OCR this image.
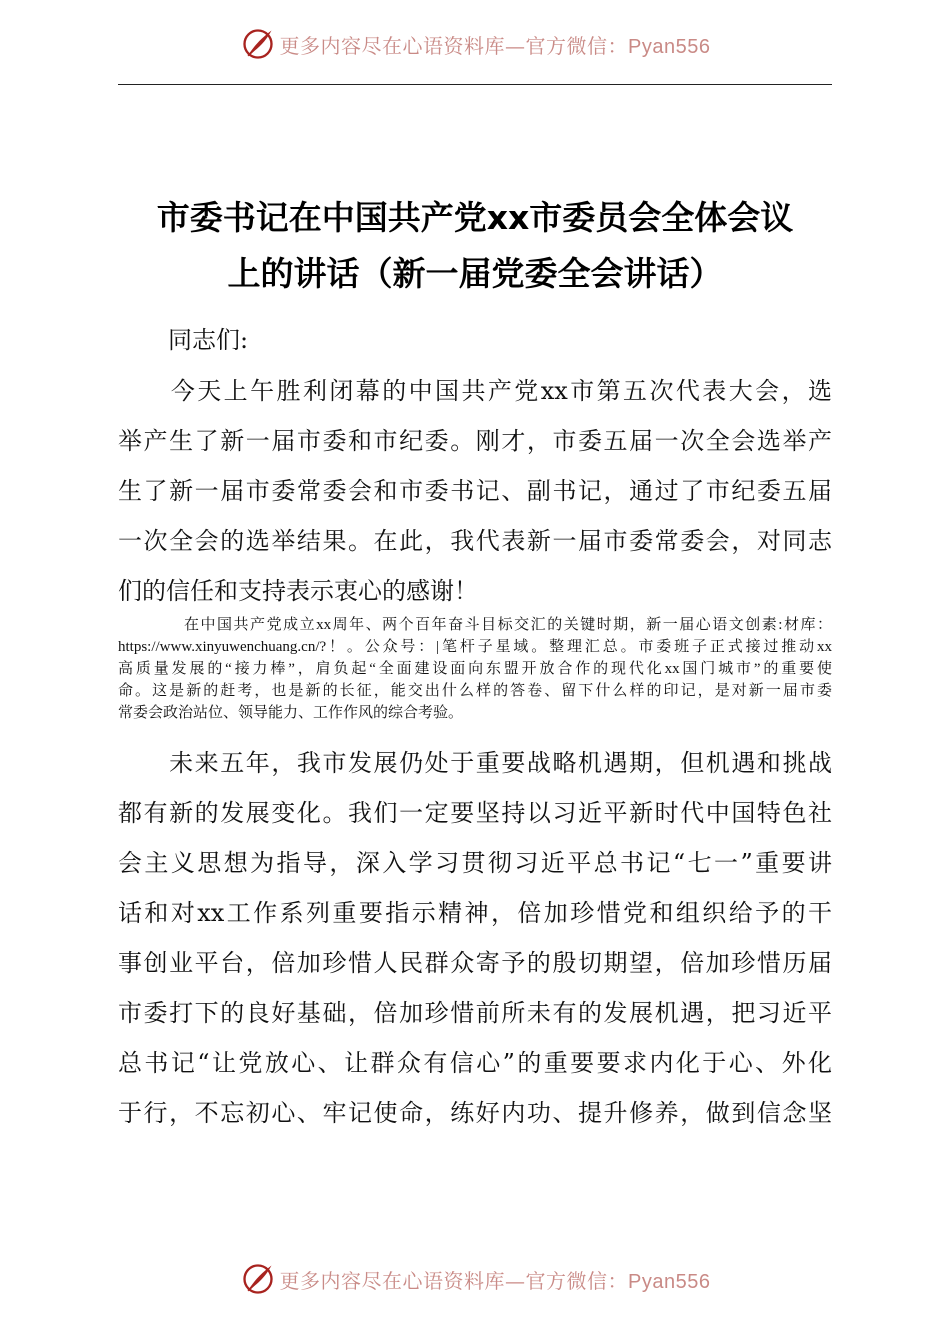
更多内容尽在心语资料库—官方微信：Pyan556
市委书记在中国共产党xx市委员会全体会议
上的讲话（新一届党委全会讲话）

同志们:

　　今天上午胜利闭幕的中国共产党xx市第五次代表大会，选
举产生了新一届市委和市纪委。刚才，市委五届一次全会选举产
生了新一届市委常委会和市委书记、副书记，通过了市纪委五届
一次全会的选举结果。在此，我代表新一届市委常委会，对同志
们的信任和支持表示衷心的感谢！

　　　　在中国共产党成立xx周年、两个百年奋斗目标交汇的关键时期，新一届心语文创素:材库：
https://www.xinyuwenchuang.cn/?！。公众号：|笔杆子星域。整理汇总。市委班子正式接过推动xx
高质量发展的“接力棒”，肩负起“全面建设面向东盟开放合作的现代化xx国门城市”的重要使
命。这是新的赶考，也是新的长征，能交出什么样的答卷、留下什么样的印记，是对新一届市委
常委会政治站位、领导能力、工作作风的综合考验。

　　未来五年，我市发展仍处于重要战略机遇期，但机遇和挑战
都有新的发展变化。我们一定要坚持以习近平新时代中国特色社
会主义思想为指导，深入学习贯彻习近平总书记“七一”重要讲
话和对xx工作系列重要指示精神，倍加珍惜党和组织给予的干
事创业平台，倍加珍惜人民群众寄予的殷切期望，倍加珍惜历届
市委打下的良好基础，倍加珍惜前所未有的发展机遇，把习近平
总书记“让党放心、让群众有信心”的重要要求内化于心、外化
于行，不忘初心、牢记使命，练好内功、提升修养，做到信念坚

更多内容尽在心语资料库—官方微信：Pyan556
